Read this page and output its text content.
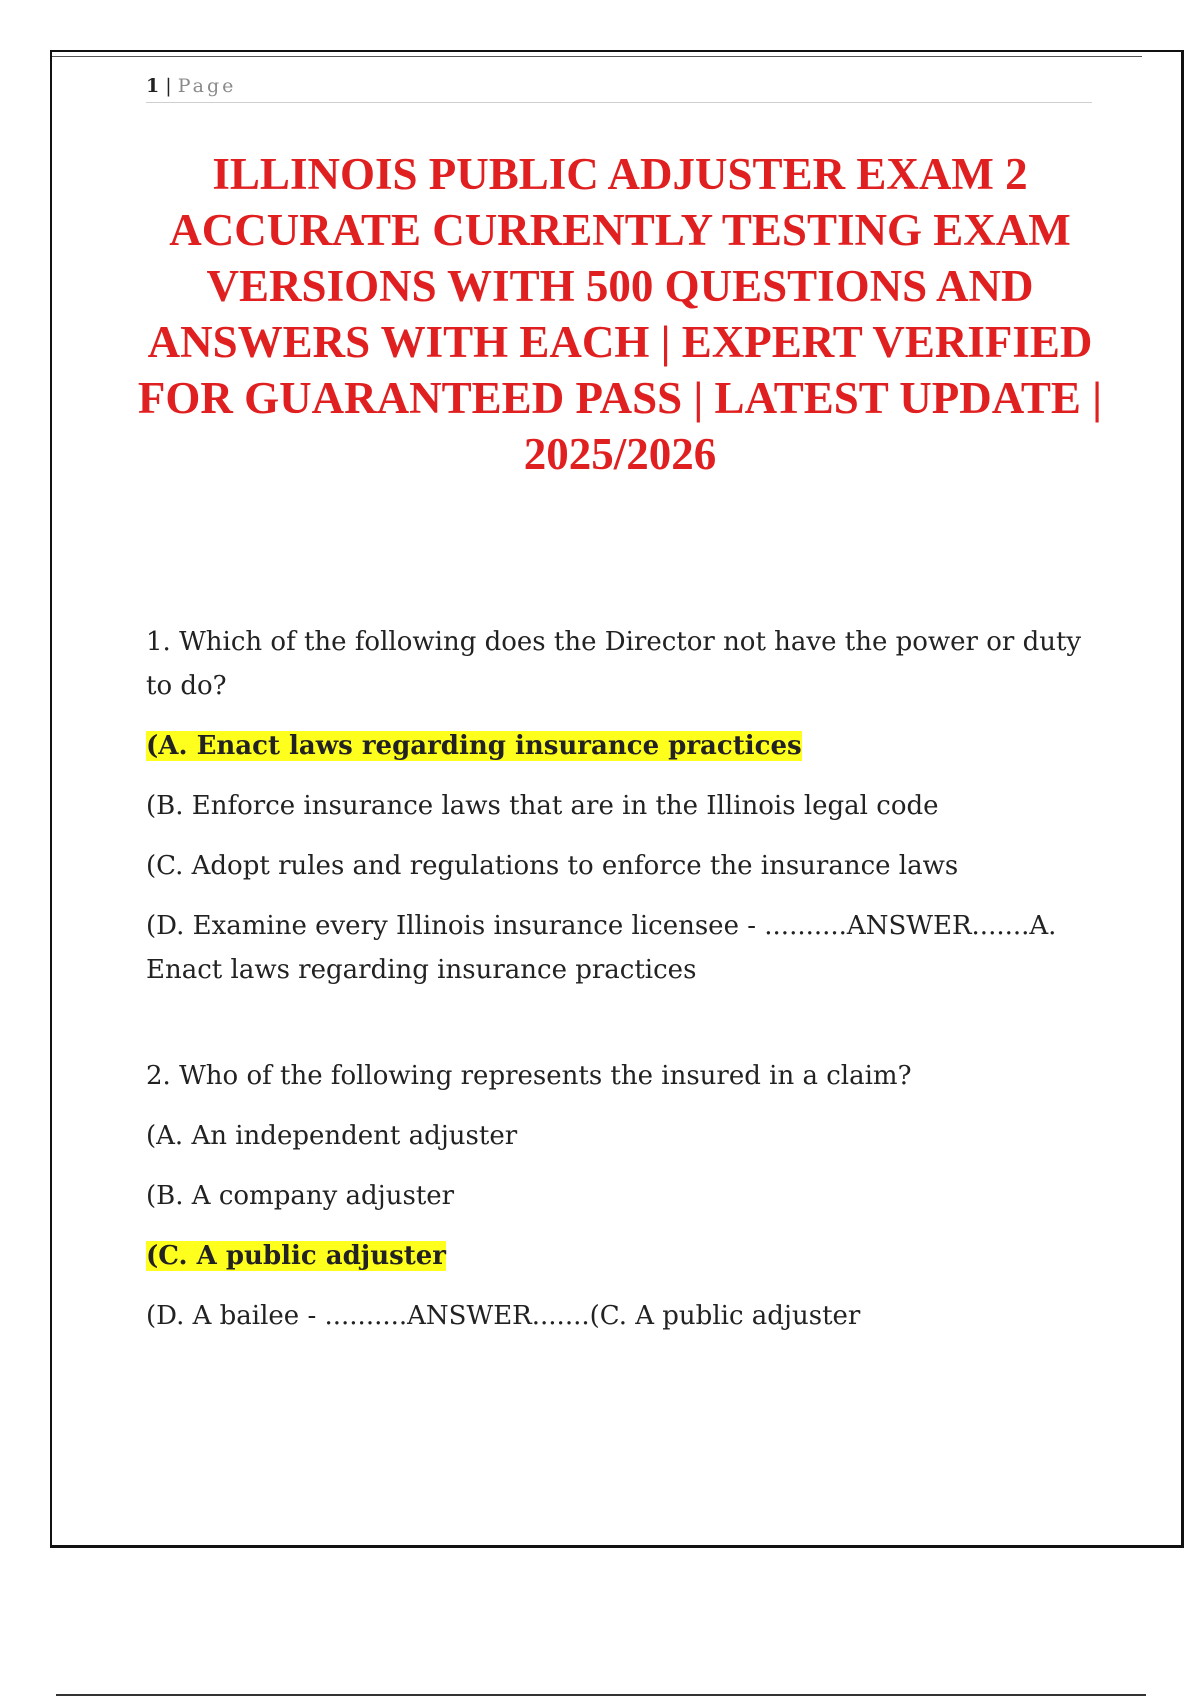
1 | Page
ILLINOIS PUBLIC ADJUSTER EXAM 2 ACCURATE CURRENTLY TESTING EXAM VERSIONS WITH 500 QUESTIONS AND ANSWERS WITH EACH | EXPERT VERIFIED FOR GUARANTEED PASS | LATEST UPDATE | 2025/2026

1. Which of the following does the Director not have the power or duty to do?

(A. Enact laws regarding insurance practices

(B. Enforce insurance laws that are in the Illinois legal code

(C. Adopt rules and regulations to enforce the insurance laws

(D. Examine every Illinois insurance licensee - ..........ANSWER.......A. Enact laws regarding insurance practices

2. Who of the following represents the insured in a claim?

(A. An independent adjuster

(B. A company adjuster

(C. A public adjuster

(D. A bailee - ..........ANSWER.......(C. A public adjuster
